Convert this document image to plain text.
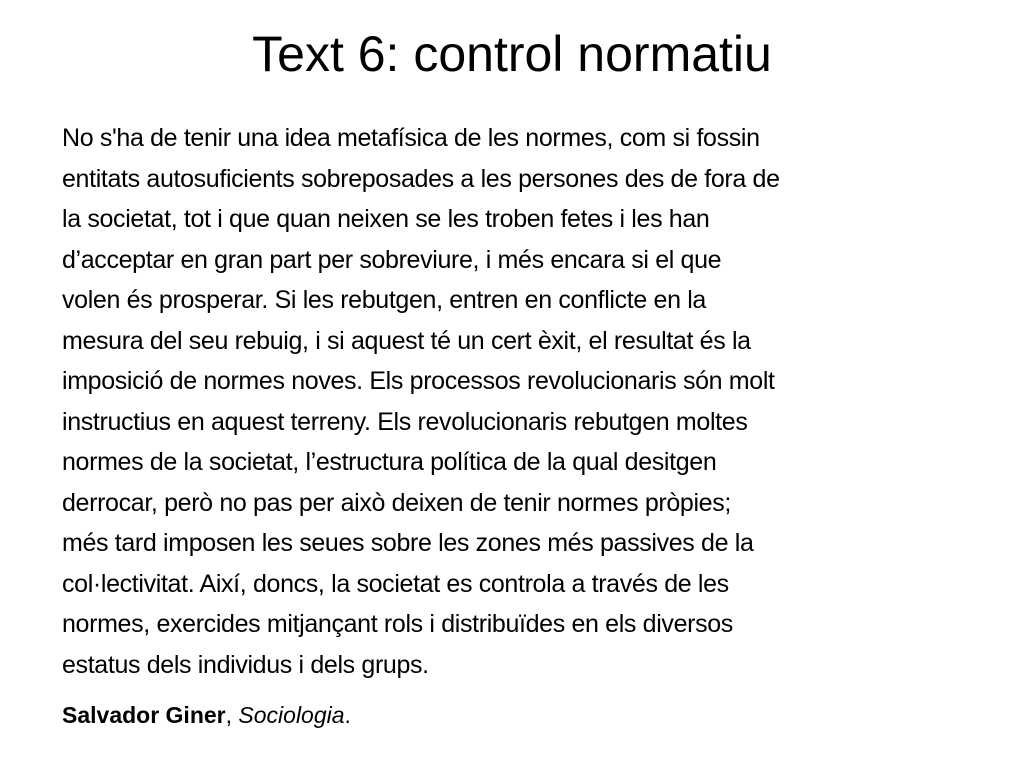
Text 6: control normatiu
No s'ha de tenir una idea metafísica de les normes, com si fossin
entitats autosuficients sobreposades a les persones des de fora de
la societat, tot i que quan neixen se les troben fetes i les han
d’acceptar en gran part per sobreviure, i més encara si el que
volen és prosperar. Si les rebutgen, entren en conflicte en la
mesura del seu rebuig, i si aquest té un cert èxit, el resultat és la
imposició de normes noves. Els processos revolucionaris són molt
instructius en aquest terreny. Els revolucionaris rebutgen moltes
normes de la societat, l’estructura política de la qual desitgen
derrocar, però no pas per això deixen de tenir normes pròpies;
més tard imposen les seues sobre les zones més passives de la
col·lectivitat. Així, doncs, la societat es controla a través de les
normes, exercides mitjançant rols i distribuïdes en els diversos
estatus dels individus i dels grups.
Salvador Giner, Sociologia.
